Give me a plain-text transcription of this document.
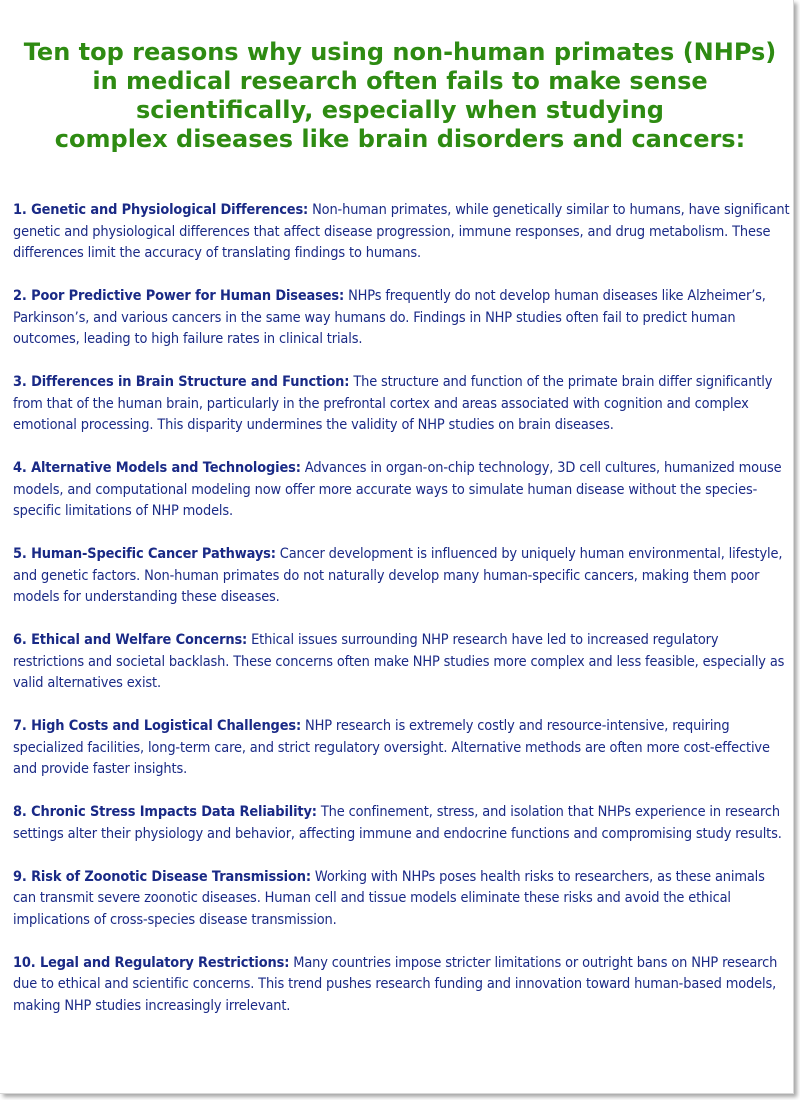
Ten top reasons why using non-human primates (NHPs)
in medical research often fails to make sense
scientifically, especially when studying
complex diseases like brain disorders and cancers:
1. Genetic and Physiological Differences: Non-human primates, while genetically similar to humans, have significant genetic and physiological differences that affect disease progression, immune responses, and drug metabolism. These differences limit the accuracy of translating findings to humans.
2. Poor Predictive Power for Human Diseases: NHPs frequently do not develop human diseases like Alzheimer’s, Parkinson’s, and various cancers in the same way humans do. Findings in NHP studies often fail to predict human outcomes, leading to high failure rates in clinical trials.
3. Differences in Brain Structure and Function: The structure and function of the primate brain differ significantly from that of the human brain, particularly in the prefrontal cortex and areas associated with cognition and complex emotional processing. This disparity undermines the validity of NHP studies on brain diseases.
4. Alternative Models and Technologies: Advances in organ-on-chip technology, 3D cell cultures, humanized mouse models, and computational modeling now offer more accurate ways to simulate human disease without the species-specific limitations of NHP models.
5. Human-Specific Cancer Pathways: Cancer development is influenced by uniquely human environmental, lifestyle, and genetic factors. Non-human primates do not naturally develop many human-specific cancers, making them poor models for understanding these diseases.
6. Ethical and Welfare Concerns: Ethical issues surrounding NHP research have led to increased regulatory restrictions and societal backlash. These concerns often make NHP studies more complex and less feasible, especially as valid alternatives exist.
7. High Costs and Logistical Challenges: NHP research is extremely costly and resource-intensive, requiring specialized facilities, long-term care, and strict regulatory oversight. Alternative methods are often more cost-effective and provide faster insights.
8. Chronic Stress Impacts Data Reliability: The confinement, stress, and isolation that NHPs experience in research settings alter their physiology and behavior, affecting immune and endocrine functions and compromising study results.
9. Risk of Zoonotic Disease Transmission: Working with NHPs poses health risks to researchers, as these animals can transmit severe zoonotic diseases. Human cell and tissue models eliminate these risks and avoid the ethical implications of cross-species disease transmission.
10. Legal and Regulatory Restrictions: Many countries impose stricter limitations or outright bans on NHP research due to ethical and scientific concerns. This trend pushes research funding and innovation toward human-based models, making NHP studies increasingly irrelevant.
